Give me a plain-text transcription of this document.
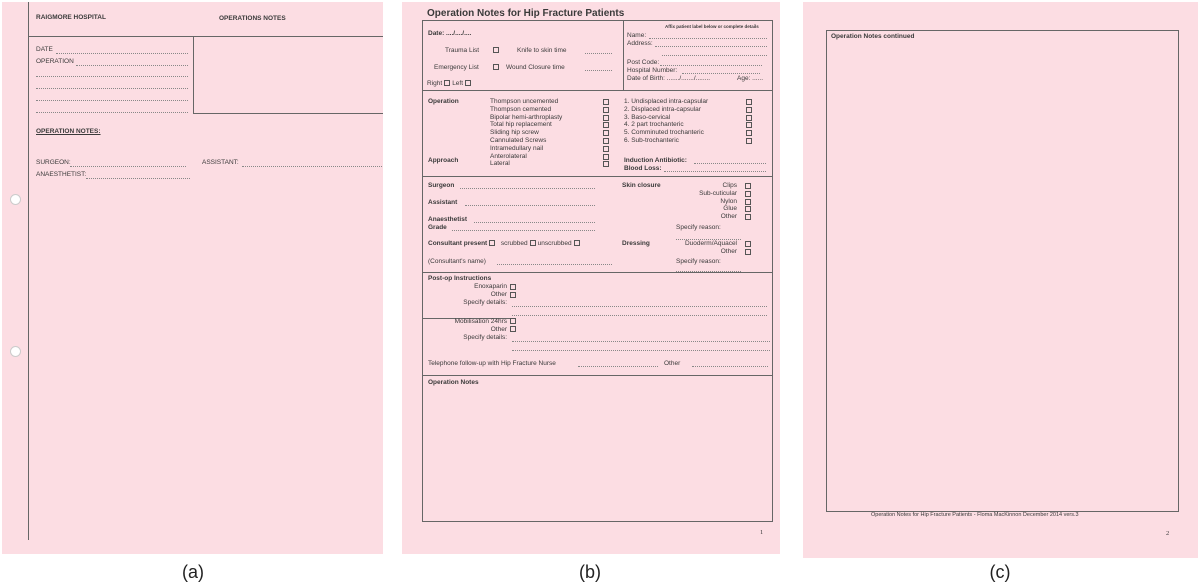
RAIGMORE HOSPITAL	OPERATIONS NOTES
DATE
OPERATION
OPERATION NOTES:
SURGEON:	ASSISTANT:
ANAESTHETIST:
(a)
Operation Notes for Hip Fracture Patients
Date: ..../..../....
Trauma List	Knife to skin time
Emergency List	Wound Closure time
Right Left
Affix patient label below or complete details
Name:
Address:
Post Code:
Hospital Number:
Date of Birth: ......./......./........	Age: ......
Operation
Approach
Thompson uncemented
Thompson cemented
Bipolar hemi-arthroplasty
Total hip replacement
Sliding hip screw
Cannulated Screws
Intramedullary nail
Anterolateral
Lateral
1. Undisplaced intra-capsular
2. Displaced intra-capsular
3. Baso-cervical
4. 2 part trochanteric
5. Comminuted trochanteric
6. Sub-trochanteric
Induction Antibiotic:
Blood Loss:
Surgeon
Assistant
Anaesthetist
Grade
Consultant present scrubbed unscrubbed
(Consultant's name)
Skin closure	Clips
Sub-cuticular
Nylon
Glue
Other
Specify reason:
Dressing	Duoderm/Aquacel
Other
Specify reason:
Post-op Instructions
Enoxaparin
Other
Specify details:
Mobilisation 24hrs
Other
Specify details:
Telephone follow-up with Hip Fracture Nurse	Other
Operation Notes
1
(b)
Operation Notes continued
Operation Notes for Hip Fracture Patients - Floma MacKinnon December 2014 vers.3
2
(c)
